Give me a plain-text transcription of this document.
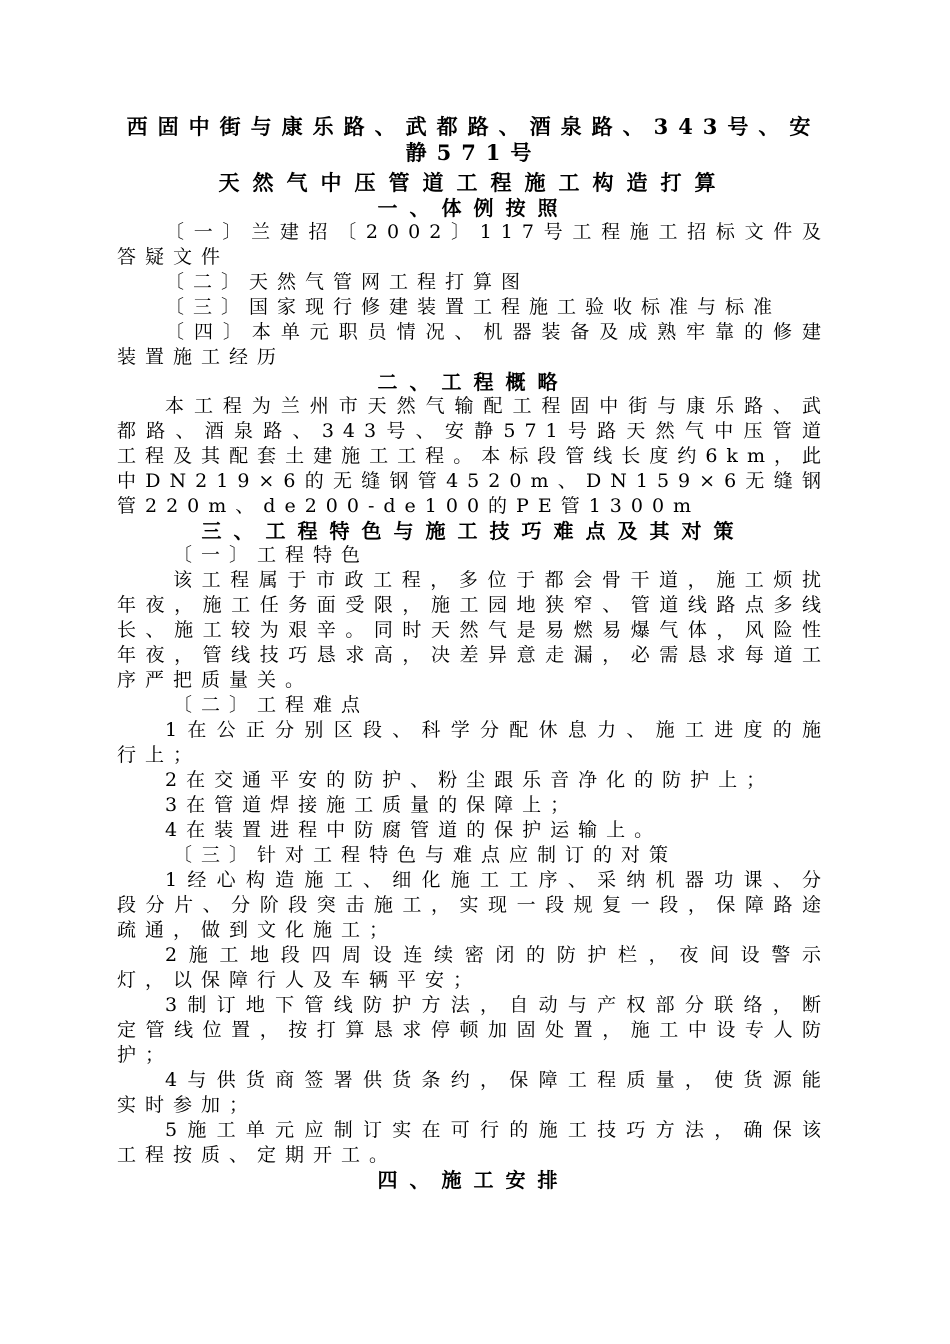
西固中街与康乐路、武都路、酒泉路、343号、安静571号

天然气中压管道工程施工构造打算

一、体例按照

〔一〕兰建招〔2002〕117号工程施工招标文件及答疑文件

〔二〕天然气管网工程打算图

〔三〕国家现行修建装置工程施工验收标准与标准

〔四〕本单元职员情况、机器装备及成熟牢靠的修建装置施工经历

二、工程概略

本工程为兰州市天然气输配工程固中街与康乐路、武都路、酒泉路、343号、安静571号路天然气中压管道工程及其配套土建施工工程。本标段管线长度约6km，此中DN219×6的无缝钢管4520m、DN159×6无缝钢管220m、de200-de100的PE管1300m

三、工程特色与施工技巧难点及其对策

〔一〕工程特色

该工程属于市政工程，多位于都会骨干道，施工烦扰年夜，施工任务面受限，施工园地狭窄、管道线路点多线长、施工较为艰辛。同时天然气是易燃易爆气体，风险性年夜，管线技巧恳求高，决差异意走漏，必需恳求每道工序严把质量关。

〔二〕工程难点

1在公正分别区段、科学分配休息力、施工进度的施行上；

2在交通平安的防护、粉尘跟乐音净化的防护上；

3在管道焊接施工质量的保障上；

4在装置进程中防腐管道的保护运输上。

〔三〕针对工程特色与难点应制订的对策

1经心构造施工、细化施工工序、采纳机器功课、分段分片、分阶段突击施工，实现一段规复一段，保障路途疏通，做到文化施工；

2施工地段四周设连续密闭的防护栏，夜间设警示灯，以保障行人及车辆平安；

3制订地下管线防护方法，自动与产权部分联络，断定管线位置，按打算恳求停顿加固处置，施工中设专人防护；

4与供货商签署供货条约，保障工程质量，使货源能实时参加；

5施工单元应制订实在可行的施工技巧方法，确保该工程按质、定期开工。

四、施工安排
